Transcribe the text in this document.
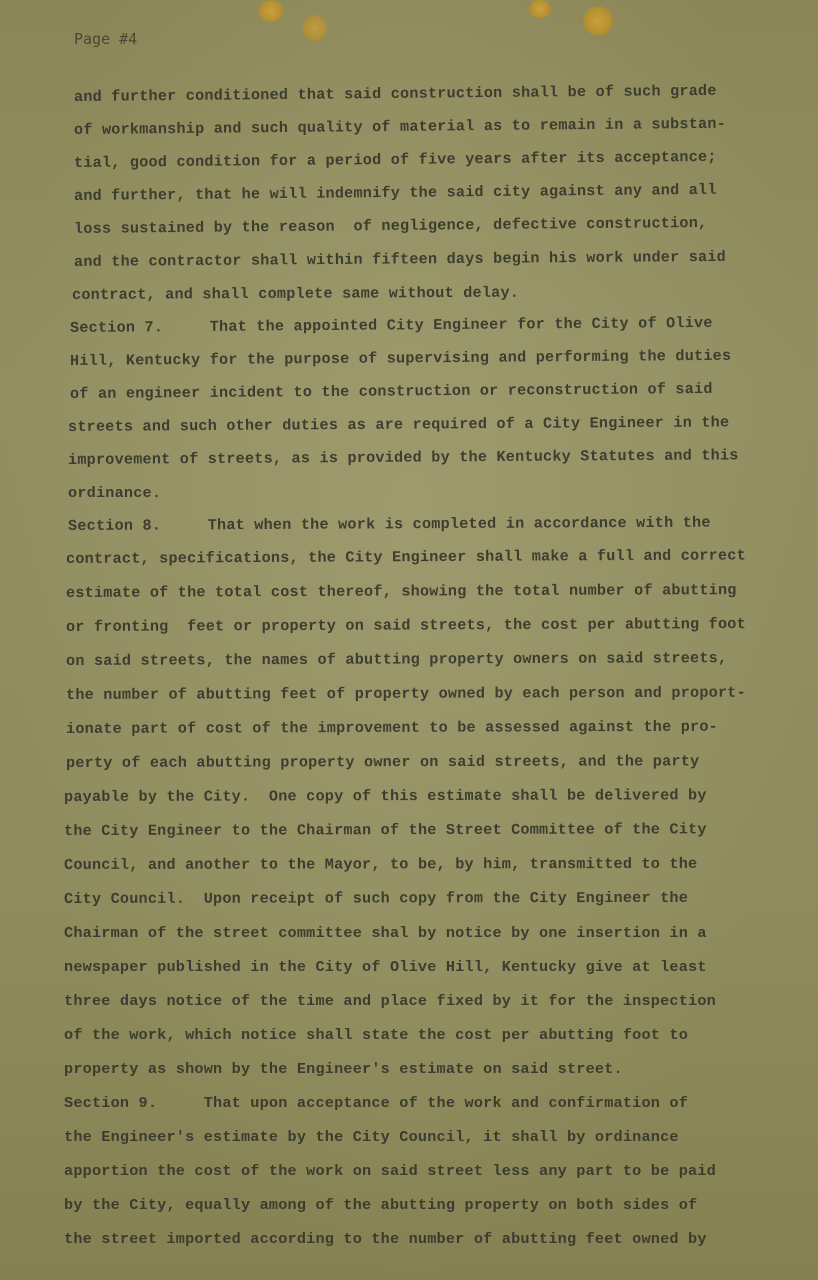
Page #4
and further conditioned that said construction shall be of such grade
of workmanship and such quality of material as to remain in a substan-
tial, good condition for a period of five years after its acceptance;
and further, that he will indemnify the said city against any and all
loss sustained by the reason  of negligence, defective construction,
and the contractor shall within fifteen days begin his work under said
contract, and shall complete same without delay.
Section 7.     That the appointed City Engineer for the City of Olive
Hill, Kentucky for the purpose of supervising and performing the duties
of an engineer incident to the construction or reconstruction of said
streets and such other duties as are required of a City Engineer in the
improvement of streets, as is provided by the Kentucky Statutes and this
ordinance.
Section 8.     That when the work is completed in accordance with the
contract, specifications, the City Engineer shall make a full and correct
estimate of the total cost thereof, showing the total number of abutting
or fronting  feet or property on said streets, the cost per abutting foot
on said streets, the names of abutting property owners on said streets,
the number of abutting feet of property owned by each person and proport-
ionate part of cost of the improvement to be assessed against the pro-
perty of each abutting property owner on said streets, and the party
payable by the City.  One copy of this estimate shall be delivered by
the City Engineer to the Chairman of the Street Committee of the City
Council, and another to the Mayor, to be, by him, transmitted to the
City Council.  Upon receipt of such copy from the City Engineer the
Chairman of the street committee shal by notice by one insertion in a
newspaper published in the City of Olive Hill, Kentucky give at least
three days notice of the time and place fixed by it for the inspection
of the work, which notice shall state the cost per abutting foot to
property as shown by the Engineer's estimate on said street.
Section 9.     That upon acceptance of the work and confirmation of
the Engineer's estimate by the City Council, it shall by ordinance
apportion the cost of the work on said street less any part to be paid
by the City, equally among of the abutting property on both sides of
the street imported according to the number of abutting feet owned by
